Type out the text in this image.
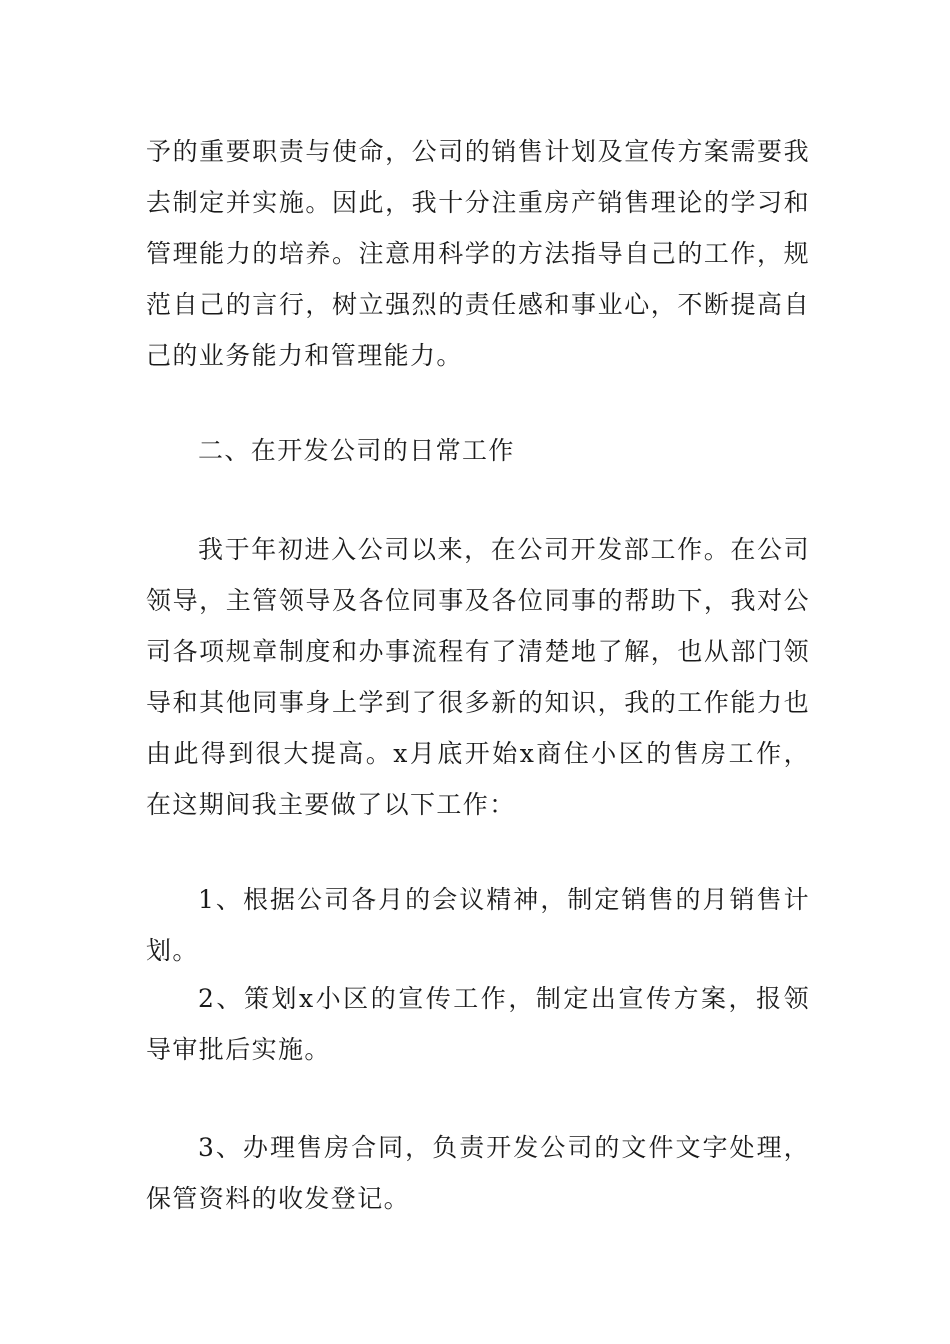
予的重要职责与使命，公司的销售计划及宣传方案需要我去制定并实施。因此，我十分注重房产销售理论的学习和管理能力的培养。注意用科学的方法指导自己的工作，规范自己的言行，树立强烈的责任感和事业心，不断提高自己的业务能力和管理能力。

二、在开发公司的日常工作

我于年初进入公司以来，在公司开发部工作。在公司领导，主管领导及各位同事及各位同事的帮助下，我对公司各项规章制度和办事流程有了清楚地了解，也从部门领导和其他同事身上学到了很多新的知识，我的工作能力也由此得到很大提高。x月底开始x商住小区的售房工作，在这期间我主要做了以下工作：

1、根据公司各月的会议精神，制定销售的月销售计划。

2、策划x小区的宣传工作，制定出宣传方案，报领导审批后实施。

3、办理售房合同，负责开发公司的文件文字处理，保管资料的收发登记。
